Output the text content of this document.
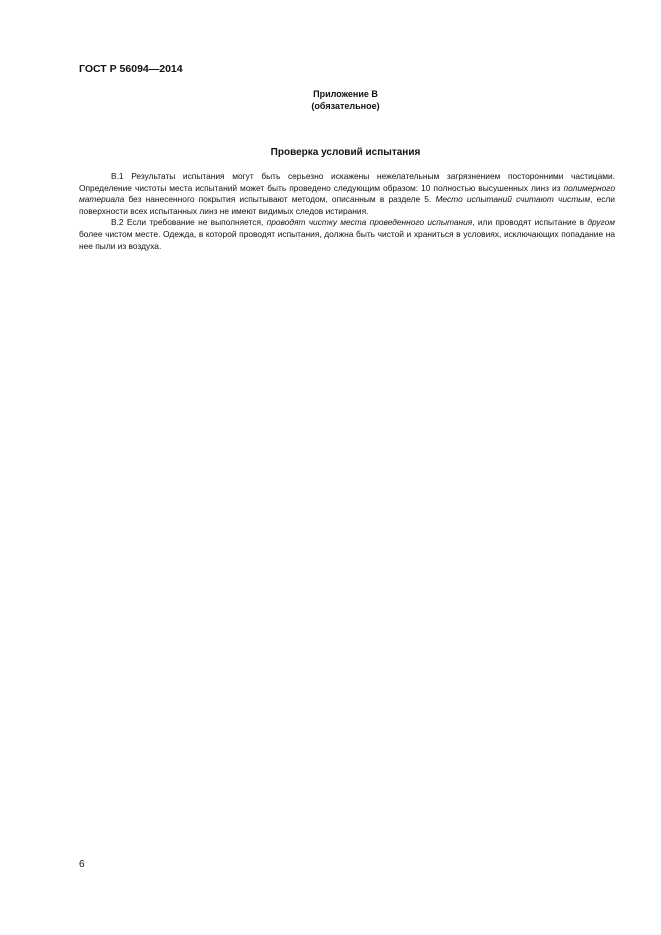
ГОСТ Р 56094—2014
Приложение В
(обязательное)
Проверка условий испытания

В.1 Результаты испытания могут быть серьезно искажены нежелательным загрязнением посторонними частицами. Определение чистоты места испытаний может быть проведено следующим образом: 10 полностью высушенных линз из полимерного материала без нанесенного покрытия испытывают методом, описанным в разделе 5. Место испытаний считают чистым, если поверхности всех испытанных линз не имеют видимых следов истирания.

В.2 Если требование не выполняется, проводят чистку места проведенного испытания, или проводят испытание в другом более чистом месте. Одежда, в которой проводят испытания, должна быть чистой и храниться в условиях, исключающих попадание на нее пыли из воздуха.

6
